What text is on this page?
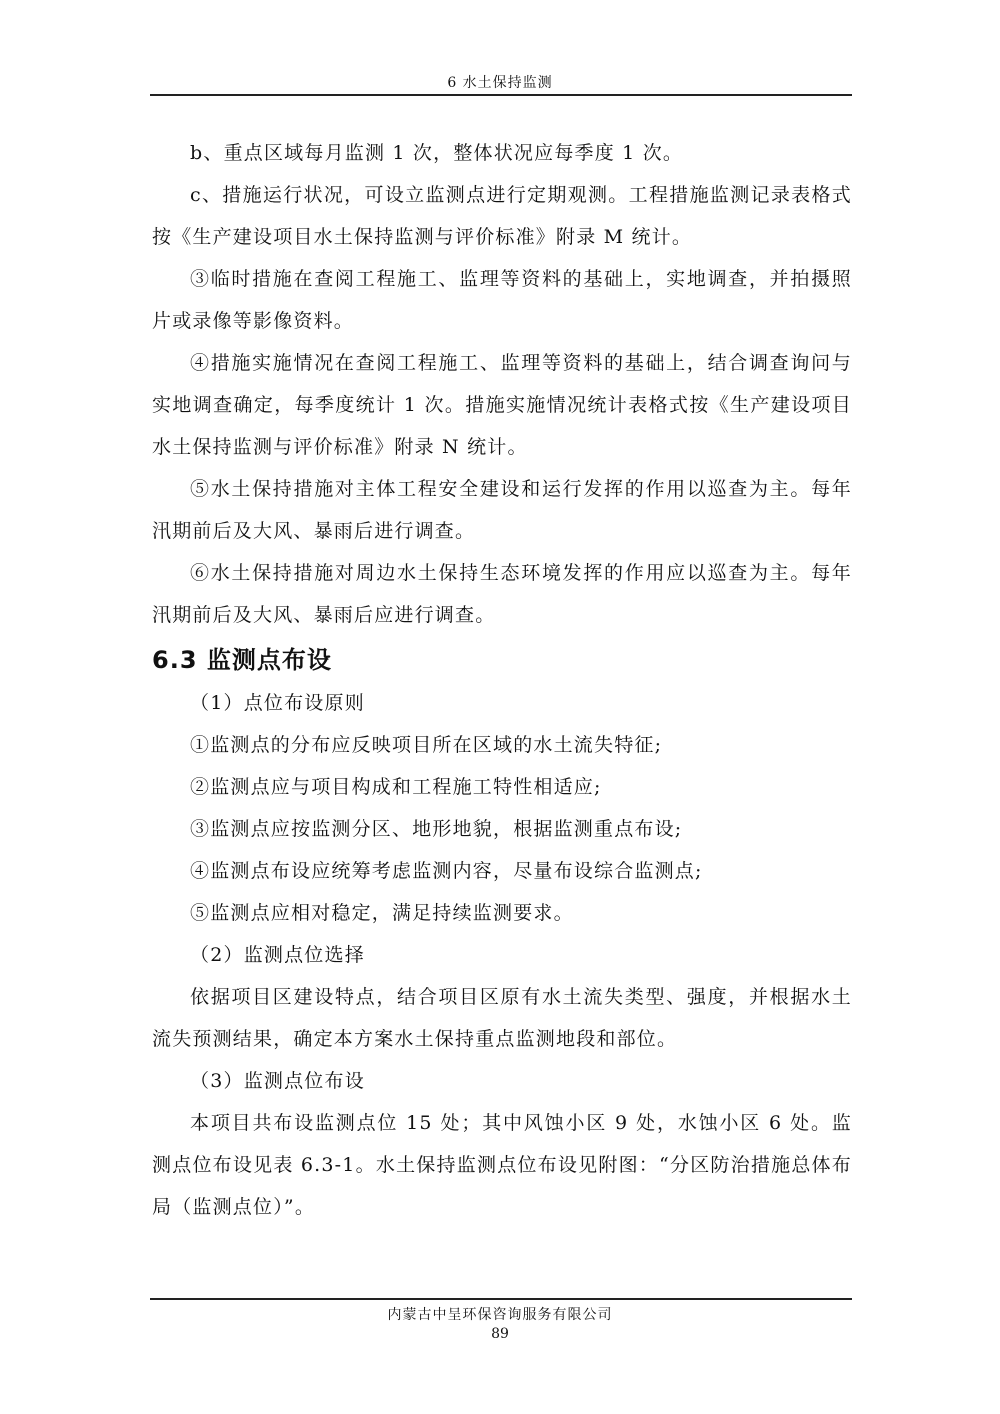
6 水土保持监测

b、重点区域每月监测 1 次，整体状况应每季度 1 次。

c、措施运行状况，可设立监测点进行定期观测。工程措施监测记录表格式按《生产建设项目水土保持监测与评价标准》附录 M 统计。

③临时措施在查阅工程施工、监理等资料的基础上，实地调查，并拍摄照片或录像等影像资料。

④措施实施情况在查阅工程施工、监理等资料的基础上，结合调查询问与实地调查确定，每季度统计 1 次。措施实施情况统计表格式按《生产建设项目水土保持监测与评价标准》附录 N 统计。

⑤水土保持措施对主体工程安全建设和运行发挥的作用以巡查为主。每年汛期前后及大风、暴雨后进行调查。

⑥水土保持措施对周边水土保持生态环境发挥的作用应以巡查为主。每年汛期前后及大风、暴雨后应进行调查。

6.3 监测点布设

（1）点位布设原则

①监测点的分布应反映项目所在区域的水土流失特征;

②监测点应与项目构成和工程施工特性相适应;

③监测点应按监测分区、地形地貌，根据监测重点布设;

④监测点布设应统筹考虑监测内容，尽量布设综合监测点;

⑤监测点应相对稳定，满足持续监测要求。

（2）监测点位选择

依据项目区建设特点，结合项目区原有水土流失类型、强度，并根据水土流失预测结果，确定本方案水土保持重点监测地段和部位。

（3）监测点位布设

本项目共布设监测点位 15 处；其中风蚀小区 9 处，水蚀小区 6 处。监测点位布设见表 6.3-1。水土保持监测点位布设见附图：“分区防治措施总体布局（监测点位）”。

内蒙古中呈环保咨询服务有限公司
89
